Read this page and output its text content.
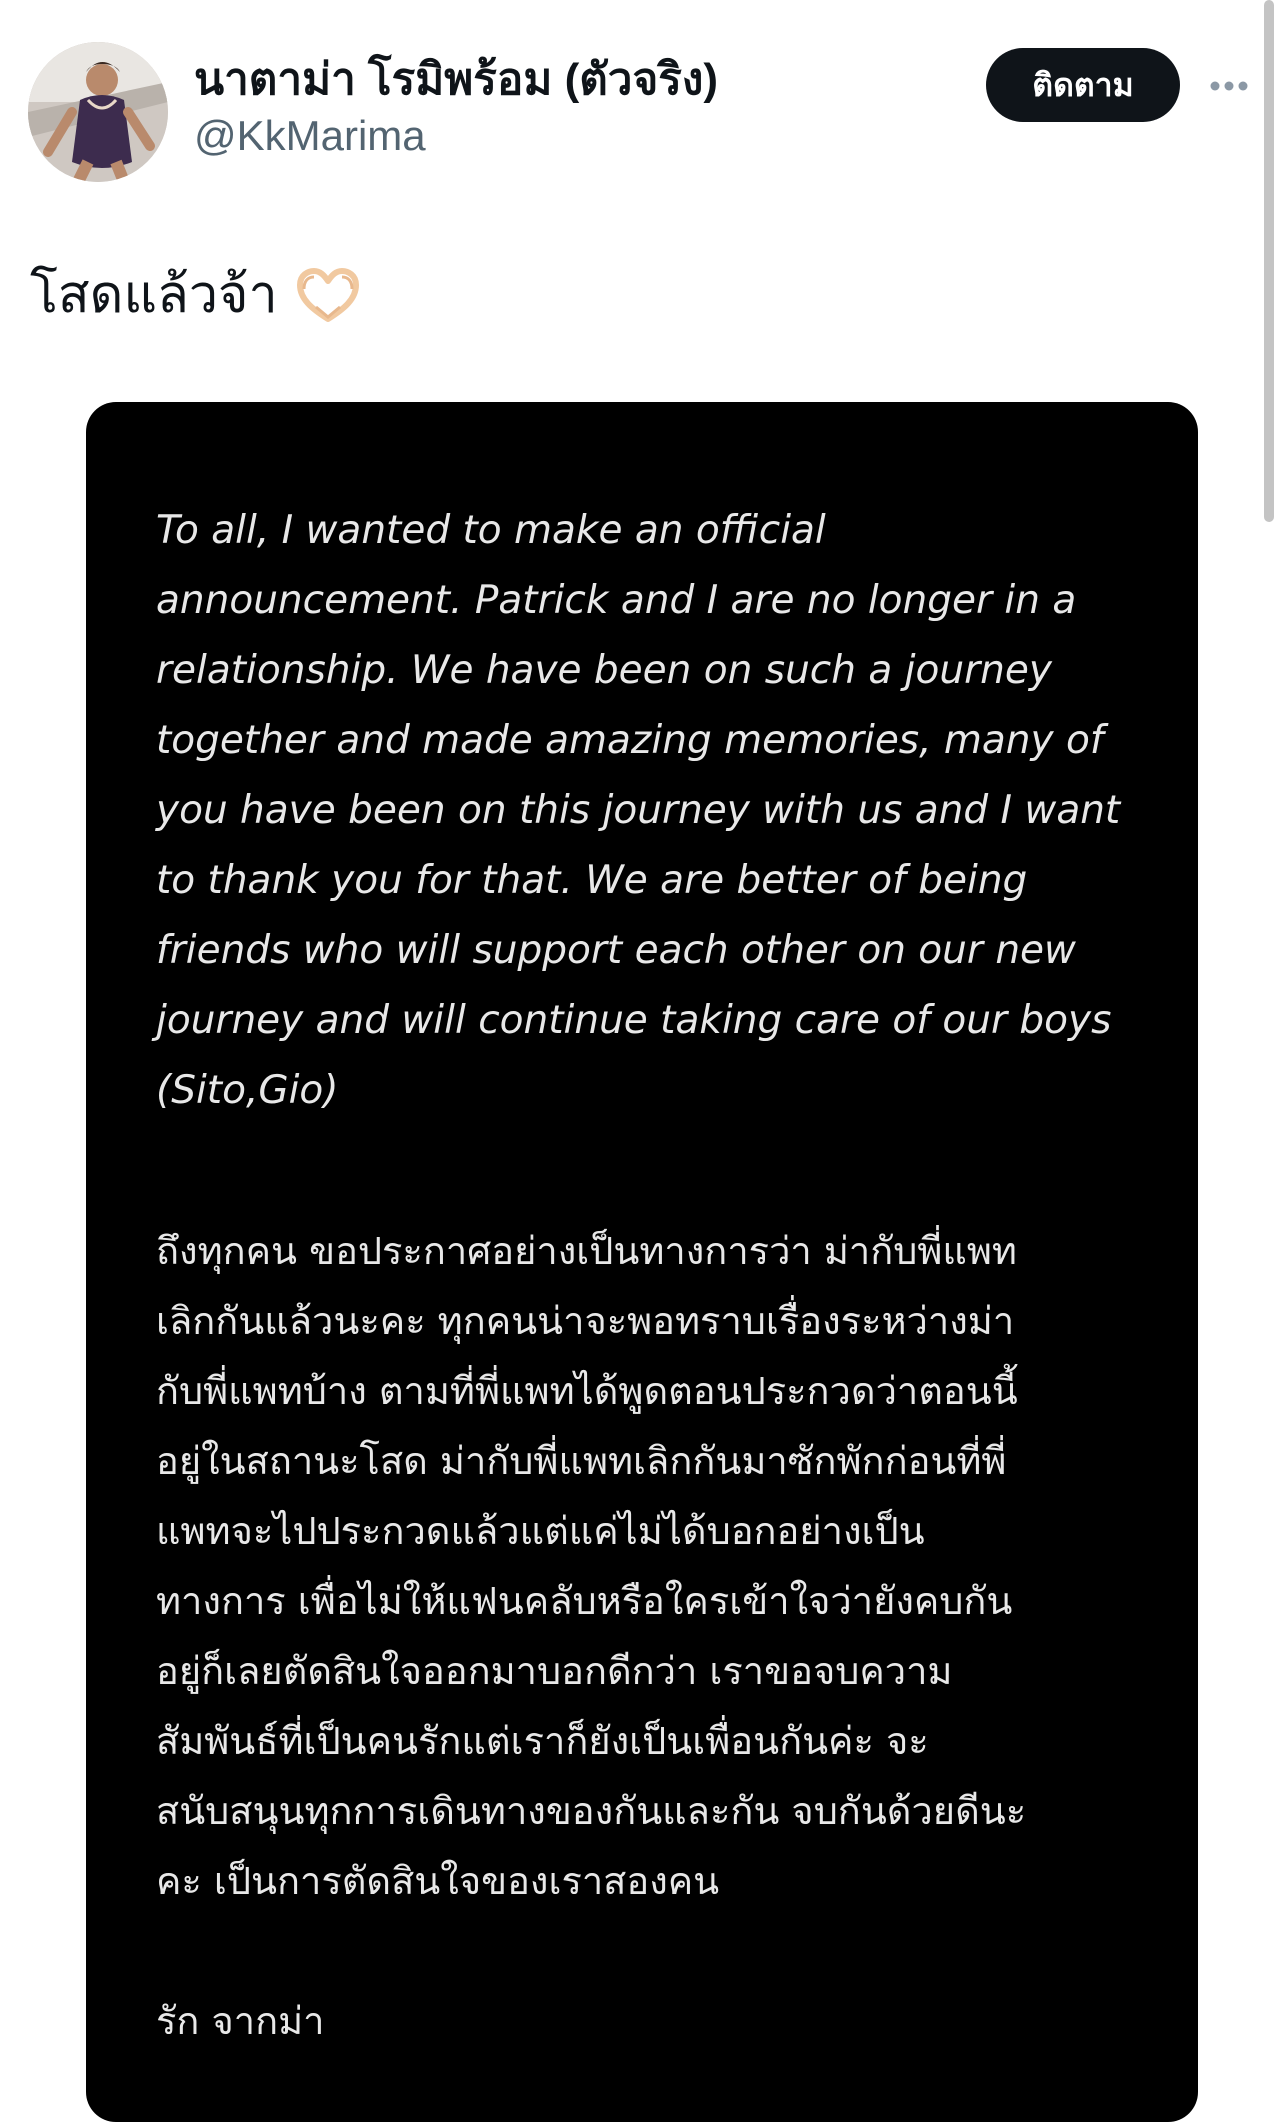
นาตาม่า โรมิพร้อม (ตัวจริง)
@KkMarima
ติดตาม
โสดแล้วจ้า

To all, I wanted to make an official
announcement. Patrick and I are no longer in a
relationship. We have been on such a journey
together and made amazing memories, many of
you have been on this journey with us and I want
to thank you for that. We are better of being
friends who will support each other on our new
journey and will continue taking care of our boys
(Sito,Gio)

ถึงทุกคน ขอประกาศอย่างเป็นทางการว่า ม่ากับพี่แพท
เลิกกันแล้วนะคะ ทุกคนน่าจะพอทราบเรื่องระหว่างม่า
กับพี่แพทบ้าง ตามที่พี่แพทได้พูดตอนประกวดว่าตอนนี้
อยู่ในสถานะโสด ม่ากับพี่แพทเลิกกันมาซักพักก่อนที่พี่
แพทจะไปประกวดแล้วแต่แค่ไม่ได้บอกอย่างเป็น
ทางการ เพื่อไม่ให้แฟนคลับหรือใครเข้าใจว่ายังคบกัน
อยู่ก็เลยตัดสินใจออกมาบอกดีกว่า เราขอจบความ
สัมพันธ์ที่เป็นคนรักแต่เราก็ยังเป็นเพื่อนกันค่ะ จะ
สนับสนุนทุกการเดินทางของกันและกัน จบกันด้วยดีนะ
คะ เป็นการตัดสินใจของเราสองคน

รัก จากม่า
